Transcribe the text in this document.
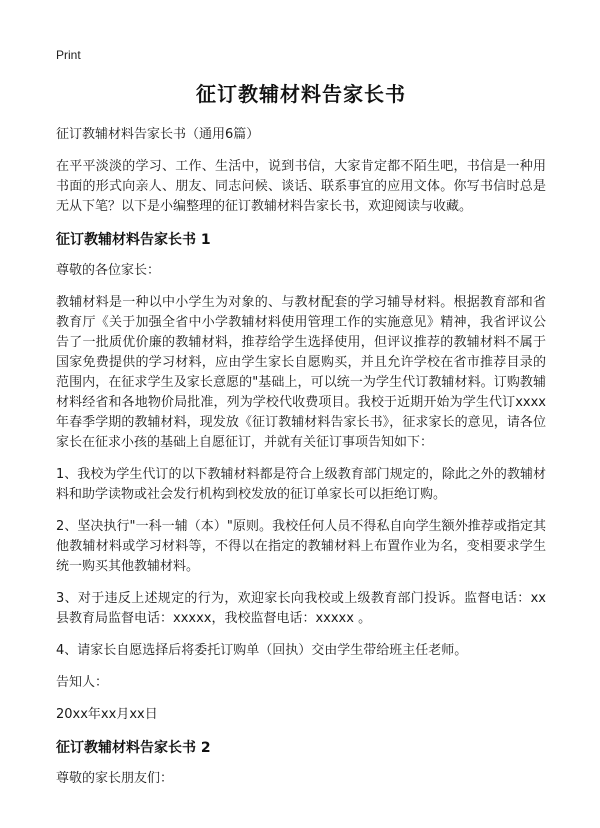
Print
征订教辅材料告家长书

征订教辅材料告家长书（通用6篇）

在平平淡淡的学习、工作、生活中，说到书信，大家肯定都不陌生吧，书信是一种用书面的形式向亲人、朋友、同志问候、谈话、联系事宜的应用文体。你写书信时总是无从下笔？以下是小编整理的征订教辅材料告家长书，欢迎阅读与收藏。

征订教辅材料告家长书 1

尊敬的各位家长：

教辅材料是一种以中小学生为对象的、与教材配套的学习辅导材料。根据教育部和省教育厅《关于加强全省中小学教辅材料使用管理工作的实施意见》精神，我省评议公告了一批质优价廉的教辅材料，推荐给学生选择使用，但评议推荐的教辅材料不属于国家免费提供的学习材料，应由学生家长自愿购买，并且允许学校在省市推荐目录的范围内，在征求学生及家长意愿的"基础上，可以统一为学生代订教辅材料。订购教辅材料经省和各地物价局批准，列为学校代收费项目。我校于近期开始为学生代订xxxx 年春季学期的教辅材料，现发放《征订教辅材料告家长书》，征求家长的意见，请各位家长在征求小孩的基础上自愿征订，并就有关征订事项告知如下：

1、我校为学生代订的以下教辅材料都是符合上级教育部门规定的，除此之外的教辅材料和助学读物或社会发行机构到校发放的征订单家长可以拒绝订购。

2、坚决执行"一科一辅（本）"原则。我校任何人员不得私自向学生额外推荐或指定其他教辅材料或学习材料等，不得以在指定的教辅材料上布置作业为名，变相要求学生统一购买其他教辅材料。

3、对于违反上述规定的行为，欢迎家长向我校或上级教育部门投诉。监督电话：xx县教育局监督电话：xxxxx，我校监督电话：xxxxx 。

4、请家长自愿选择后将委托订购单（回执）交由学生带给班主任老师。

告知人：

20xx年xx月xx日

征订教辅材料告家长书 2

尊敬的家长朋友们：
